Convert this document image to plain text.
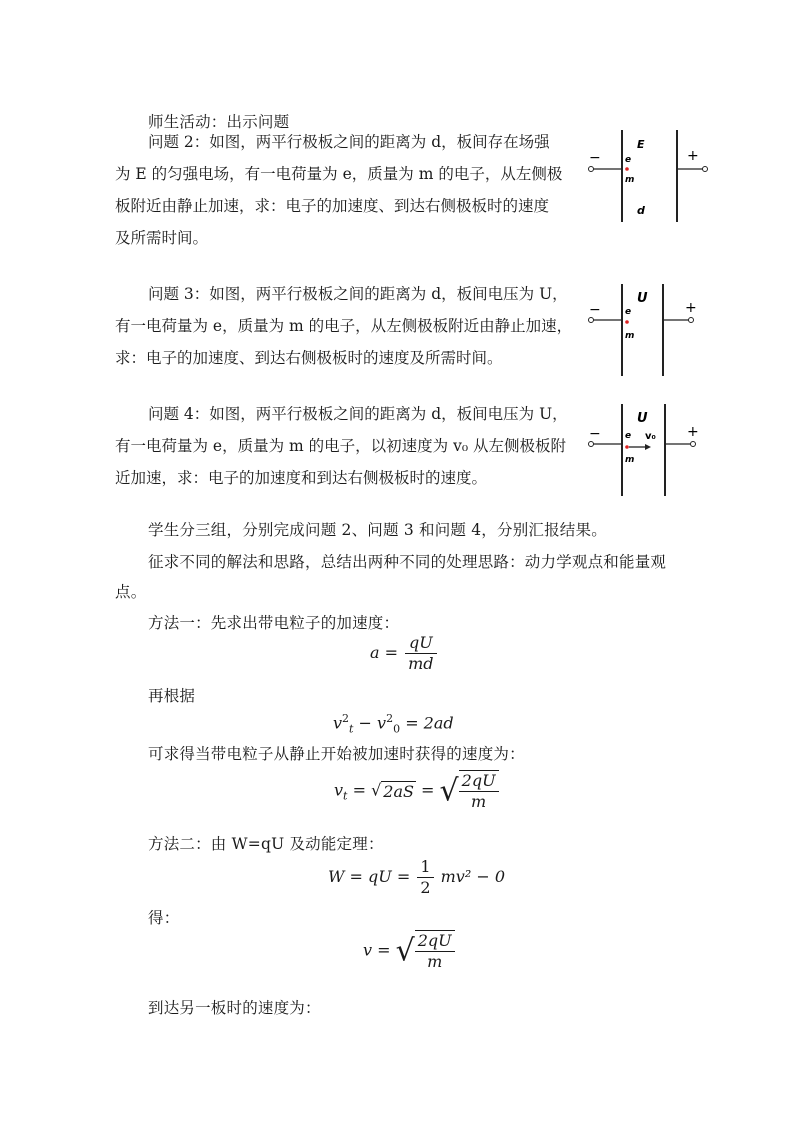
师生活动：出示问题
问题 2：如图，两平行极板之间的距离为 d，板间存在场强
为 E 的匀强电场，有一电荷量为 e，质量为 m 的电子，从左侧极
板附近由静止加速，求：电子的加速度、到达右侧极板时的速度
及所需时间。
−	+
E
e
m
d
问题 3：如图，两平行极板之间的距离为 d，板间电压为 U，
有一电荷量为 e，质量为 m 的电子，从左侧极板附近由静止加速，
求：电子的加速度、到达右侧极板时的速度及所需时间。
−	+
U
e
m
问题 4：如图，两平行极板之间的距离为 d，板间电压为 U，
有一电荷量为 e，质量为 m 的电子，以初速度为 v₀ 从左侧极板附
近加速，求：电子的加速度和到达右侧极板时的速度。
−	+
U
e v₀
m
学生分三组，分别完成问题 2、问题 3 和问题 4，分别汇报结果。
征求不同的解法和思路，总结出两种不同的处理思路：动力学观点和能量观
点。
方法一：先求出带电粒子的加速度：
$a = \frac{qU}{md}$
再根据
$v^2_t - v^2_0 = 2ad$
可求得当带电粒子从静止开始被加速时获得的速度为：
$v_t$ = √ 2aS = √ $\frac{2qU}{m}$
方法二：由 W=qU 及动能定理：
W = qU = $\frac{1}{2} mv^2 - 0$
得：
v = √ $\frac{2qU}{m}$
到达另一板时的速度为：
